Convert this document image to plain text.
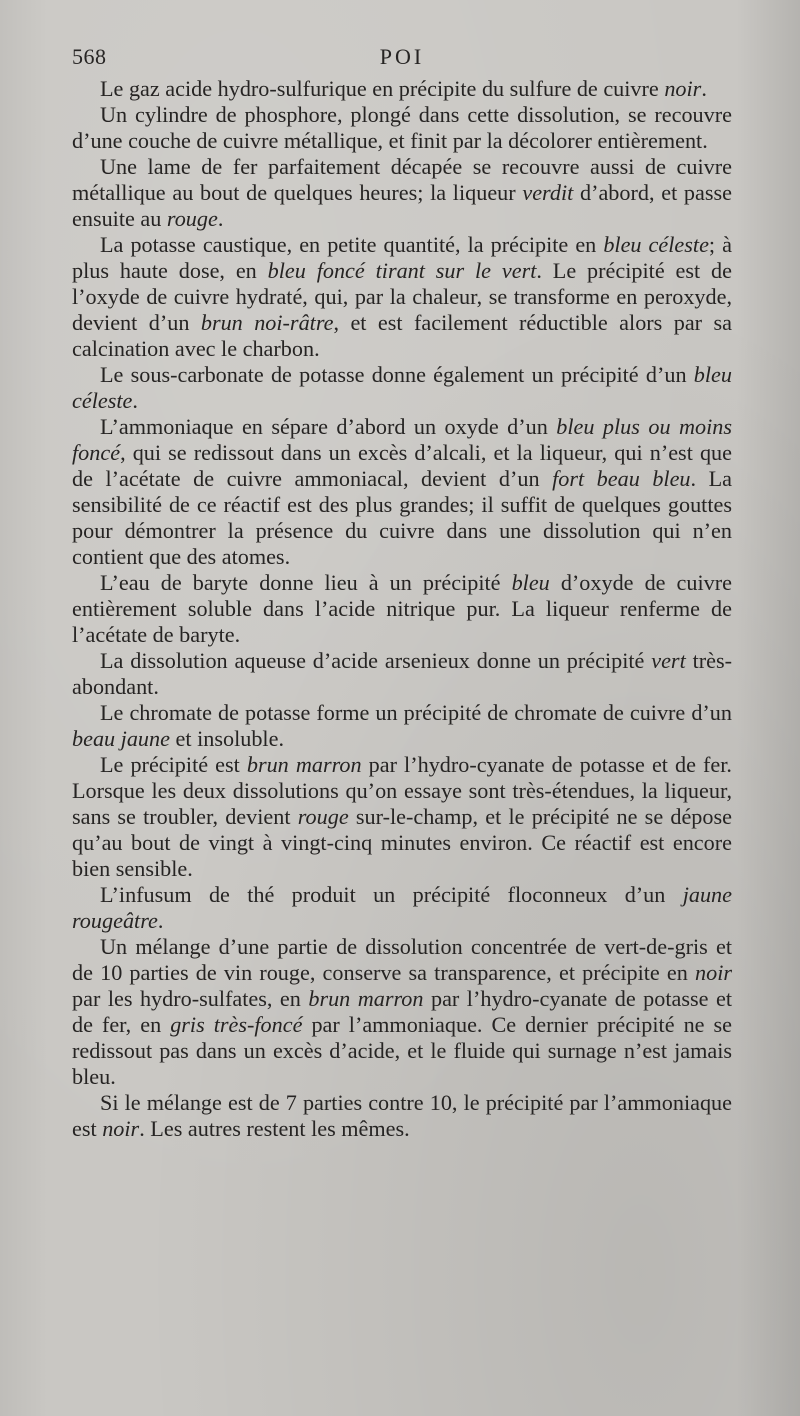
568	POI

Le gaz acide hydro-sulfurique en précipite du sulfure de cuivre noir.

Un cylindre de phosphore, plongé dans cette dissolution, se recouvre d’une couche de cuivre métallique, et finit par la décolorer entièrement.

Une lame de fer parfaitement décapée se recouvre aussi de cuivre métallique au bout de quelques heures; la liqueur verdit d’abord, et passe ensuite au rouge.

La potasse caustique, en petite quantité, la précipite en bleu céleste; à plus haute dose, en bleu foncé tirant sur le vert. Le précipité est de l’oxyde de cuivre hydraté, qui, par la chaleur, se transforme en peroxyde, devient d’un brun noi-râtre, et est facilement réductible alors par sa calcination avec le charbon.

Le sous-carbonate de potasse donne également un précipité d’un bleu céleste.

L’ammoniaque en sépare d’abord un oxyde d’un bleu plus ou moins foncé, qui se redissout dans un excès d’alcali, et la liqueur, qui n’est que de l’acétate de cuivre ammoniacal, devient d’un fort beau bleu. La sensibilité de ce réactif est des plus grandes; il suffit de quelques gouttes pour démontrer la présence du cuivre dans une dissolution qui n’en contient que des atomes.

L’eau de baryte donne lieu à un précipité bleu d’oxyde de cuivre entièrement soluble dans l’acide nitrique pur. La liqueur renferme de l’acétate de baryte.

La dissolution aqueuse d’acide arsenieux donne un précipité vert très-abondant.

Le chromate de potasse forme un précipité de chromate de cuivre d’un beau jaune et insoluble.

Le précipité est brun marron par l’hydro-cyanate de potasse et de fer. Lorsque les deux dissolutions qu’on essaye sont très-étendues, la liqueur, sans se troubler, devient rouge sur-le-champ, et le précipité ne se dépose qu’au bout de vingt à vingt-cinq minutes environ. Ce réactif est encore bien sensible.

L’infusum de thé produit un précipité floconneux d’un jaune rougeâtre.

Un mélange d’une partie de dissolution concentrée de vert-de-gris et de 10 parties de vin rouge, conserve sa transparence, et précipite en noir par les hydro-sulfates, en brun marron par l’hydro-cyanate de potasse et de fer, en gris très-foncé par l’ammoniaque. Ce dernier précipité ne se redissout pas dans un excès d’acide, et le fluide qui surnage n’est jamais bleu.

Si le mélange est de 7 parties contre 10, le précipité par l’ammoniaque est noir. Les autres restent les mêmes.
